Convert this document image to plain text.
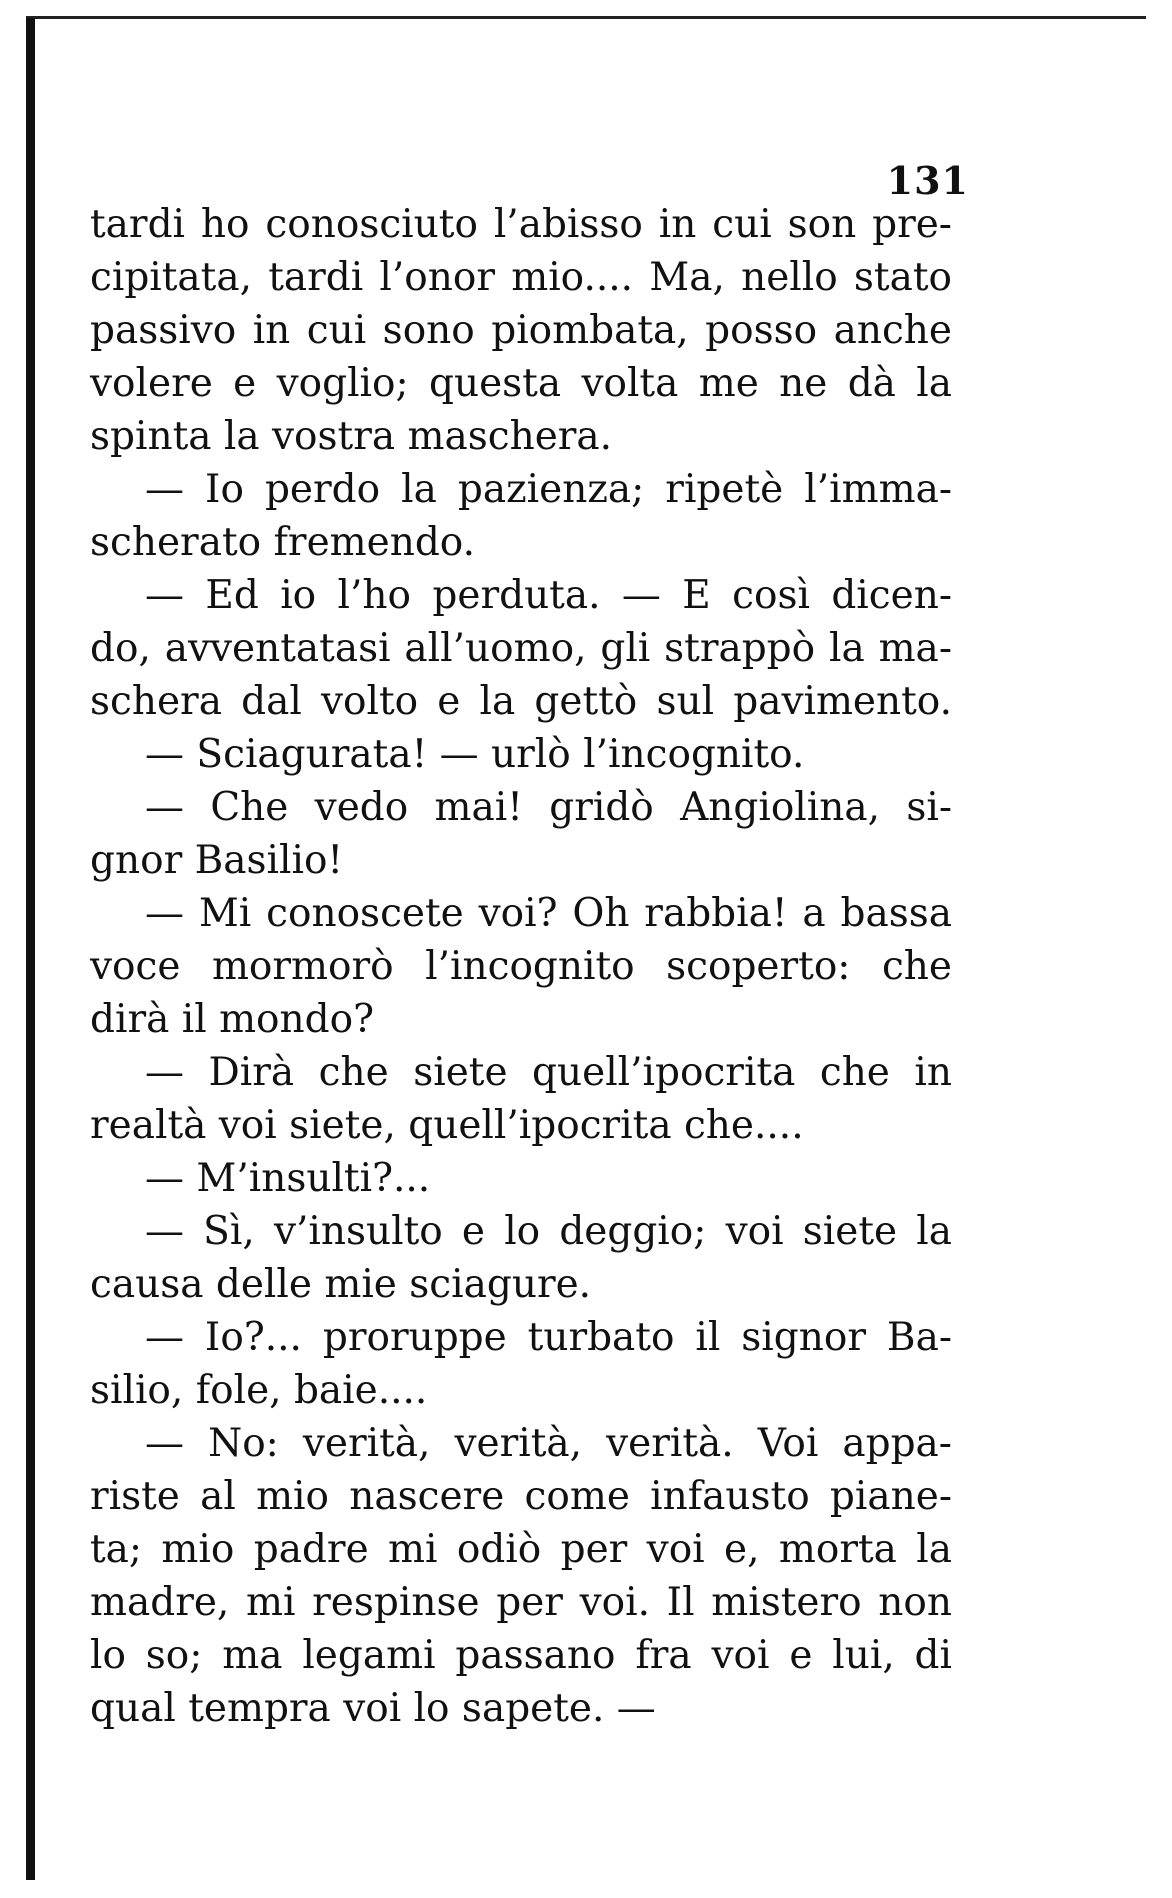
131
tardi ho conosciuto l’abisso in cui son pre-
cipitata, tardi l’onor mio.... Ma, nello stato
passivo in cui sono piombata, posso anche
volere e voglio; questa volta me ne dà la
spinta la vostra maschera.
— Io perdo la pazienza; ripetè l’imma-
scherato fremendo.
— Ed io l’ho perduta. — E così dicen-
do, avventatasi all’uomo, gli strappò la ma-
schera dal volto e la gettò sul pavimento.
— Sciagurata! — urlò l’incognito.
— Che vedo mai! gridò Angiolina, si-
gnor Basilio!
— Mi conoscete voi? Oh rabbia! a bassa
voce mormorò l’incognito scoperto: che
dirà il mondo?
— Dirà che siete quell’ipocrita che in
realtà voi siete, quell’ipocrita che....
— M’insulti?...
— Sì, v’insulto e lo deggio; voi siete la
causa delle mie sciagure.
— Io?... proruppe turbato il signor Ba-
silio, fole, baie....
— No: verità, verità, verità. Voi appa-
riste al mio nascere come infausto piane-
ta; mio padre mi odiò per voi e, morta la
madre, mi respinse per voi. Il mistero non
lo so; ma legami passano fra voi e lui, di
qual tempra voi lo sapete. —
